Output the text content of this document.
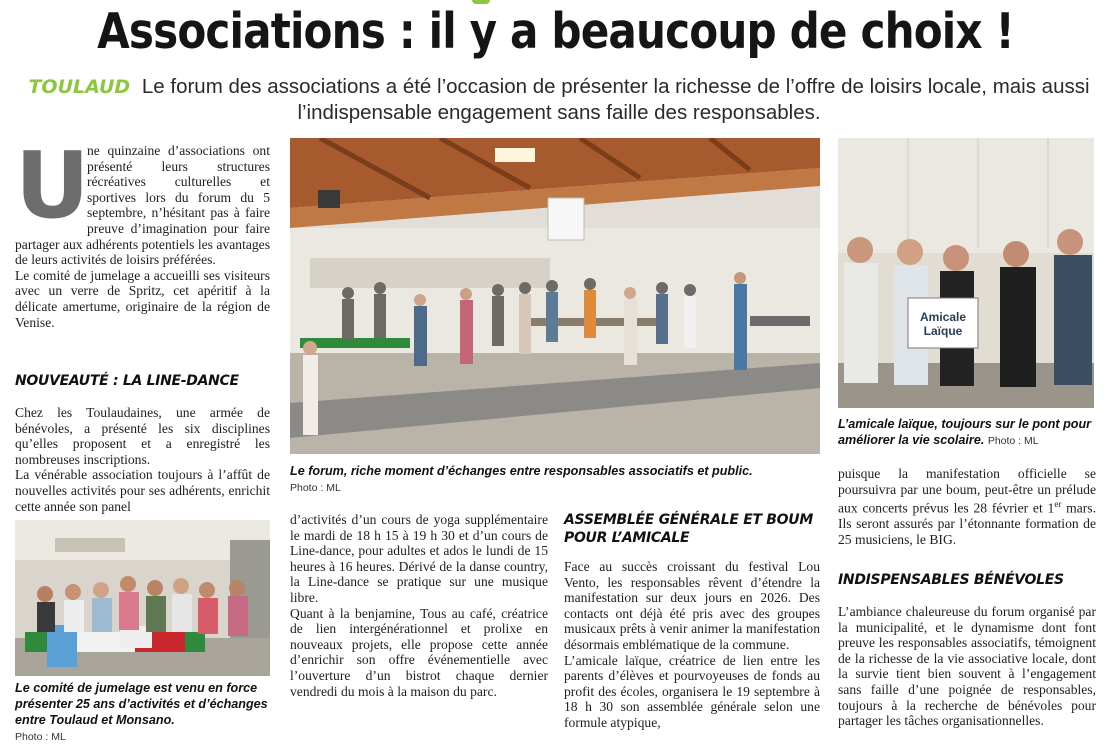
Associations : il y a beaucoup de choix !
TOULAUD Le forum des associations a été l’occasion de présenter la richesse de l’offre de loisirs locale, mais aussi l’indispensable engagement sans faille des responsables.
U

ne quinzaine d’associations ont présenté leurs structures récréatives culturelles et sportives lors du forum du 5 septembre, n’hésitant pas à faire preuve d’imagination pour faire partager aux adhérents potentiels les avantages de leurs activités de loisirs préférées.

Le comité de jumelage a accueilli ses visiteurs avec un verre de Spritz, cet apéritif à la délicate amertume, originaire de la région de Venise.

NOUVEAUTÉ : LA LINE-DANCE

Chez les Toulaudaines, une armée de bénévoles, a présenté les six disciplines qu’elles proposent et a enregistré les nombreuses inscriptions.

La vénérable association toujours à l’affût de nouvelles activités pour ses adhérents, enrichit cette année son panel

Le comité de jumelage est venu en force présenter 25 ans d’activités et d’échanges entre Toulaud et Monsano.
Photo : ML
Le forum, riche moment d’échanges entre responsables associatifs et public.
Photo : ML

d’activités d’un cours de yoga supplémentaire le mardi de 18 h 15 à 19 h 30 et d’un cours de Line-dance, pour adultes et ados le lundi de 15 heures à 16 heures. Dérivé de la danse country, la Line-dance se pratique sur une musique libre.

Quant à la benjamine, Tous au café, créatrice de lien intergénérationnel et prolixe en nouveaux projets, elle propose cette année d’enrichir son offre événementielle avec l’ouverture d’un bistrot chaque dernier vendredi du mois à la maison du parc.

ASSEMBLÉE GÉNÉRALE ET BOUM
POUR L’AMICALE

Face au succès croissant du festival Lou Vento, les responsables rêvent d’étendre la manifestation sur deux jours en 2026. Des contacts ont déjà été pris avec des groupes musicaux prêts à venir animer la manifestation désormais emblématique de la commune.

L’amicale laïque, créatrice de lien entre les parents d’élèves et pourvoyeuses de fonds au profit des écoles, organisera le 19 septembre à 18 h 30 son assemblée générale selon une formule atypique,

Amicale Laïque
L’amicale laïque, toujours sur le pont pour améliorer la vie scolaire. Photo : ML

puisque la manifestation officielle se poursuivra par une boum, peut-être un prélude aux concerts prévus les 28 février et 1er mars. Ils seront assurés par l’étonnante formation de 25 musiciens, le BIG.

INDISPENSABLES BÉNÉVOLES

L’ambiance chaleureuse du forum organisé par la municipalité, et le dynamisme dont font preuve les responsables associatifs, témoignent de la richesse de la vie associative locale, dont la survie tient bien souvent à l’engagement sans faille d’une poignée de responsables, toujours à la recherche de bénévoles pour partager les tâches organisationnelles.
